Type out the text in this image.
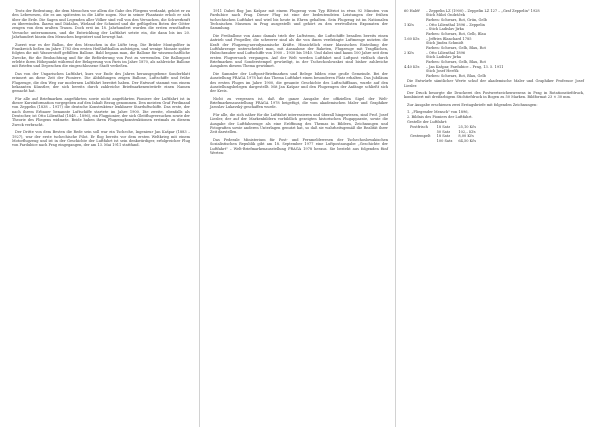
Trotz der Bedeutung, die dem Menschen vor allem die Gabe des Fliegens verdankt, gehört er zu den Lebewesen, die es am spätesten in die Lüfte zogen. Nur in seiner Phantasie erhob er sich über die Erde. Die Sagen und Legenden aller Völker sind voll von den Versuchen, die Schwerkraft zu überwinden. Ikarus und Dädalus, Wieland der Schmied und die geflügelten Boten der Götter zeugen von dem uralten Traum. Doch erst im 18. Jahrhundert wurden die ersten ernsthaften Versuche unternommen, und die Entwicklung der Luftfahrt setzte ein, die dann bis ins 20. Jahrhundert hinein den Menschen begeistert und bewegt hat.

Zuerst war es der Ballon, der den Menschen in die Lüfte trug. Die Brüder Montgolfier in Frankreich ließen im Jahre 1783 den ersten Heißluftballon aufsteigen, und wenige Monate später folgten die mit Wasserstoff gefüllten Ballone. Bald begann man, die Ballone für wissenschaftliche Zwecke, für die Beobachtung und für die Beförderung von Post zu verwenden. Die Ballonpost erlebte ihren Höhepunkt während der Belagerung von Paris im Jahre 1870, als zahlreiche Ballone mit Briefen und Depeschen die eingeschlossene Stadt verließen.

Das von der Ungarischen Luftfahrt, kurz vor Ende des Jahres herausgegebene Sonderblatt erinnert an diese Zeit der Pioniere. Die Abbildungen zeigen Ballone, Luftschiffe und frühe Flugzeuge, die den Weg zur modernen Luftfahrt bereitet haben. Der Entwurf stammt von einem bekannten Künstler, der sich bereits durch zahlreiche Briefmarkenentwürfe einen Namen gemacht hat.

Für alle auf Briefmarken angeführten sowie nicht angeführten Pioniere der Luftfahrt ist in dieser Kurzinformation vorgegeben auf den Inhalt Bezug genommen. Den meisten Graf Ferdinand von Zeppelin (1838 – 1917) die deutsche Konstrukteur lenkbarer Starrluftschiffe. Das erste, der nach ihrem Erbauer benannte Luftschiffe startete im Jahre 1900. Die zweite, ebenfalls als Deutscher, ist Otto Lilienthal (1848 – 1896), ein Flugpionier, der sich Gleitflugversuchen sowie der Theorie des Fliegens widmete. Beide haben ihren Flugzeugkonstruktionen erstmals zu diesem Zweck verbracht.

Der Dritte von dem Besten die Rede sein soll war ein Tscheche, Ingenieur Jan Kašpar (1883 – 1927), war der erste tschechische Pilot. Er flog bereits vor dem ersten Weltkrieg mit einem Motorflugzeug und ist in der Geschichte der Luftfahrt ist sein denkwürdiger, erfolgreicher Flug von Pardubice nach Prag eingegangen, der am 13. Mai 1911 stattfand.

1911 Dabei flog Jan Kašpar mit einem Flugzeug vom Typ Blériot in etwa 92 Minuten von Pardubice nach Prag. Dieser Flug ist eine der bedeutendsten Leistungen der frühen tschechischen Luftfahrt und wird bis heute in Ehren gehalten. Sein Flugzeug ist im Nationalen Technischen Museum in Prag ausgestellt und gehört zu den wertvollsten Exponaten der Sammlung.

Die Freiballone von Anno damals trieb der Luftstrom, die Luftschiffe besaßen bereits einen Antrieb und Propeller, die schwerer sind als die von ihnen verdrängte Luftmenge nutzten die Kraft der Flugzeug-aerodynamische Kräfte. Hinsichtlich einer klassischen Einteilung der Luftfahrzeuge unterscheidet man, mit Ausnahme der Raketen, Flugzeuge mit Tragflächen, Hubschrauber und Luftschiffe von 1900 – 1930 bis 1940. Und dabei sind kaum 100 Jahre seit dem ersten Flugversuch vergangen. Auf der Welt werden Luftfahrt und Luftpost vielfach durch Briefmarken und Sonderstempel gewürdigt, in der Tschechoslowakei sind bisher zahlreiche Ausgaben diesem Thema gewidmet.

Die Sammler der Luftpost-Briefmarken und Belege bilden eine große Gemeinde. Bei der Ausstellung PRAGA 1978 hat das Thema Luftfahrt einen besonderen Platz erhalten. Das Jubiläum des ersten Fluges im Jahre 1900, die gesamte Geschichte des Luftschiffbaus, wurde auf den Ausstellungsbelegen dargestellt. Mit Jan Kašpar und den Flugzeugen der Anfänge schließt sich der Kreis.

Nicht zu vergessen ist, daß die ganze Ausgabe der offiziellen Sigel der Welt-Briefmarkenausstellung PRAGA 1978 beigefügt, die vom akademischen Maler und Graphiker Jaroslav Lukavský geschaffen wurde.

Für alle, die sich näher für die Luftfahrt interessieren und überall hingewiesen, sind Prof. Josef Liesler, der auf der Markenbildern vorbildlich gezeigten historischen Flugapparate, sowie die Ausgabe der Luftfahrzeuge als eine Eröffnung des Themas in Bildern, Zeichnungen und Fotografien sowie anderen Unterlagen genutzt hat, so daß sie wahrheitsgemäß die Realität ihrer Zeit darstellen.

Das Federale Ministerium für Post- und Fernmeldewesen der Tschechoslowakischen Sozialistischen Republik gibt am 18. September 1977 eine Luftpostausgabe „Geschichte der Luftfahrt" – Welt-Briefmarkenausstellung PRAGA 1978 heraus. Sie besteht aus folgenden fünf Werten:

60 Haléř	– Zeppelin LZ (1900) – Zeppelin LZ 127 – „Graf Zeppelin" 1928
Stich Miloš Ondráček
Farben: Schwarz, Rot, Grün, Gelb
1 Kčs	– Otto Lilienthal 1896 – Zeppelin
– Stich Ladislav Jirka
Farben: Schwarz, Rot, Gelb, Blau
1.60 Kčs	– Jeffries Blanchard 1785
Stich Jindra Schmidt
Farben: Schwarz, Gelb, Blau, Rot
2 Kčs	– Otto Lilienthal 1896
Stich Ladislav Jirka
Farben: Schwarz, Gelb, Blau, Rot
4.40 Kčs	– Jan Kašpar, Pardubice – Prag, 13. 5. 1911
Stich Josef Herčík
Farben: Schwarz, Rot, Blau, Gelb

Die Entwürfe sämtlicher Werte schuf der akademische Maler und Graphiker Professor Josef Liesler.

Der Druck besorgte die Druckerei des Postwertzeichenwesens in Prag in Rotationstiefdruck, kombiniert mit dreifarbigem Stichtiefdruck in Bogen zu 50 Marken. Bildformat 23 × 30 mm.

Zur Ausgabe erschienen zwei Erstagsbriefe mit folgenden Zeichnungen:

1. „Fliegender Mensch" von 1896,

2. Bildnis des Pioniers der Luftfahrt.

Gestelle der Luftfahrt:

Postfrisch	18 Satz	25,10 Kčs
	50 Satz	102,– Kčs
Gestempelt	18 Satz	8,00 Kčs
	100 Satz	64,50 Kčs
